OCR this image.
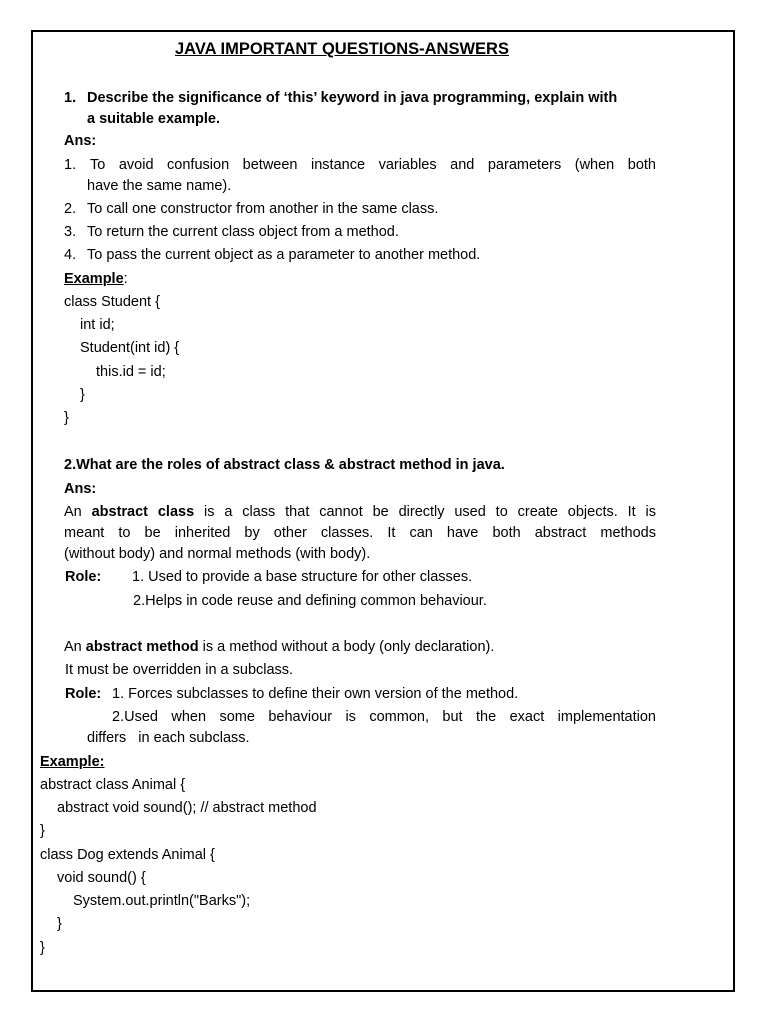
JAVA IMPORTANT QUESTIONS-ANSWERS
1. Describe the significance of ‘this’ keyword in java programming, explain with
a suitable example.
Ans:
1. To avoid confusion between instance variables and parameters (when both
have the same name).
2. To call one constructor from another in the same class.
3. To return the current class object from a method.
4. To pass the current object as a parameter to another method.
Example:
class Student {
int id;
Student(int id) {
this.id = id;
}
}
2.What are the roles of abstract class & abstract method in java.
Ans:
An abstract class is a class that cannot be directly used to create objects. It is
meant to be inherited by other classes. It can have both abstract methods
(without body) and normal methods (with body).
Role: 1. Used to provide a base structure for other classes.
2.Helps in code reuse and defining common behaviour.
An abstract method is a method without a body (only declaration).
It must be overridden in a subclass.
Role: 1. Forces subclasses to define their own version of the method.
2.Used when some behaviour is common, but the exact implementation
differs   in each subclass.
Example:
abstract class Animal {
abstract void sound(); // abstract method
}
class Dog extends Animal {
void sound() {
System.out.println("Barks");
}
}
